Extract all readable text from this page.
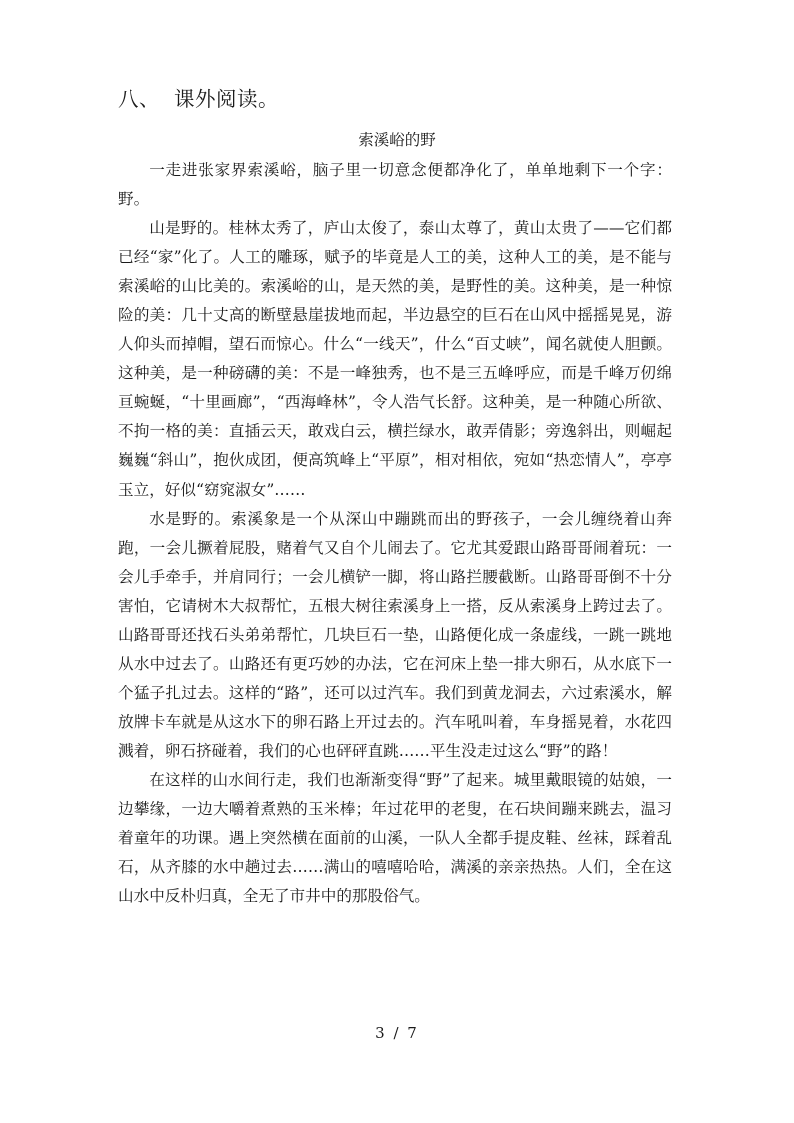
八、 课外阅读。
索溪峪的野

一走进张家界索溪峪，脑子里一切意念便都净化了，单单地剩下一个字：野。

山是野的。桂林太秀了，庐山太俊了，泰山太尊了，黄山太贵了——它们都已经“家”化了。人工的雕琢，赋予的毕竟是人工的美，这种人工的美，是不能与索溪峪的山比美的。索溪峪的山，是天然的美，是野性的美。这种美，是一种惊险的美：几十丈高的断壁悬崖拔地而起，半边悬空的巨石在山风中摇摇晃晃，游人仰头而掉帽，望石而惊心。什么“一线天”，什么“百丈峡”，闻名就使人胆颤。这种美，是一种磅礴的美：不是一峰独秀，也不是三五峰呼应，而是千峰万仞绵亘蜿蜒，“十里画廊”，“西海峰林”，令人浩气长舒。这种美，是一种随心所欲、不拘一格的美：直插云天，敢戏白云，横拦绿水，敢弄倩影；旁逸斜出，则崛起巍巍“斜山”，抱伙成团，便高筑峰上“平原”，相对相依，宛如“热恋情人”，亭亭玉立，好似“窈窕淑女”……

水是野的。索溪象是一个从深山中蹦跳而出的野孩子，一会儿缠绕着山奔跑，一会儿撅着屁股，赌着气又自个儿闹去了。它尤其爱跟山路哥哥闹着玩：一会儿手牵手，并肩同行；一会儿横铲一脚，将山路拦腰截断。山路哥哥倒不十分害怕，它请树木大叔帮忙，五根大树往索溪身上一搭，反从索溪身上跨过去了。山路哥哥还找石头弟弟帮忙，几块巨石一垫，山路便化成一条虚线，一跳一跳地从水中过去了。山路还有更巧妙的办法，它在河床上垫一排大卵石，从水底下一个猛子扎过去。这样的“路”，还可以过汽车。我们到黄龙洞去，六过索溪水，解放牌卡车就是从这水下的卵石路上开过去的。汽车吼叫着，车身摇晃着，水花四溅着，卵石挤碰着，我们的心也砰砰直跳……平生没走过这么“野”的路！

在这样的山水间行走，我们也渐渐变得“野”了起来。城里戴眼镜的姑娘，一边攀缘，一边大嚼着煮熟的玉米棒；年过花甲的老叟，在石块间蹦来跳去，温习着童年的功课。遇上突然横在面前的山溪，一队人全都手提皮鞋、丝袜，踩着乱石，从齐膝的水中趟过去……满山的嘻嘻哈哈，满溪的亲亲热热。人们，全在这山水中反朴归真，全无了市井中的那股俗气。

3 / 7
